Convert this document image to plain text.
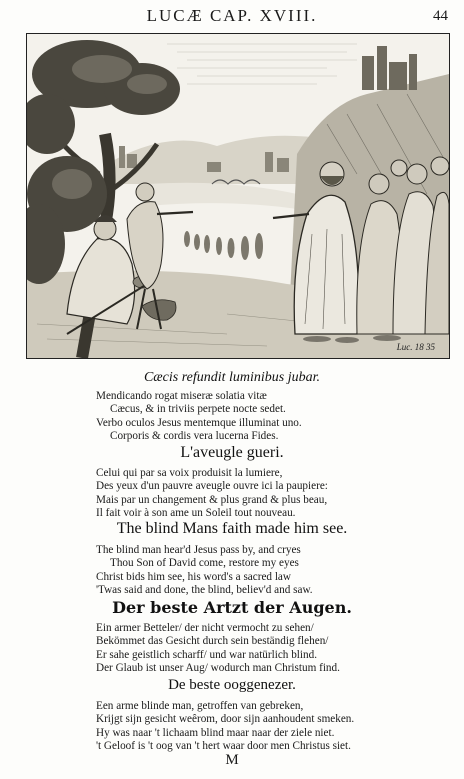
LUCÆ CAP. XVIII.	44
Luc. 18 35
Cæcis refundit luminibus jubar.
Mendicando rogat miseræ solatia vitæ
Cæcus, & in triviis perpete nocte sedet.
Verbo oculos Jesus mentemque illuminat uno.
Corporis & cordis vera lucerna Fides.
L'aveugle gueri.
Celui qui par sa voix produisit la lumiere,
Des yeux d'un pauvre aveugle ouvre ici la paupiere:
Mais par un changement & plus grand & plus beau,
Il fait voir à son ame un Soleil tout nouveau.
The blind Mans faith made him see.
The blind man hear'd Jesus pass by, and cryes
Thou Son of David come, restore my eyes
Christ bids him see, his word's a sacred law
'Twas said and done, the blind, believ'd and saw.
Der beste Artzt der Augen.
Ein armer Betteler/ der nicht vermocht zu sehen/
Bekömmet das Gesicht durch sein beständig flehen/
Er sahe geistlich scharff/ und war natürlich blind.
Der Glaub ist unser Aug/ wodurch man Christum find.
De beste ooggenezer.
Een arme blinde man, getroffen van gebreken,
Krijgt sijn gesicht weêrom, door sijn aanhoudent smeken.
Hy was naar 't lichaam blind maar naar der ziele niet.
't Geloof is 't oog van 't hert waar door men Christus siet.
M
